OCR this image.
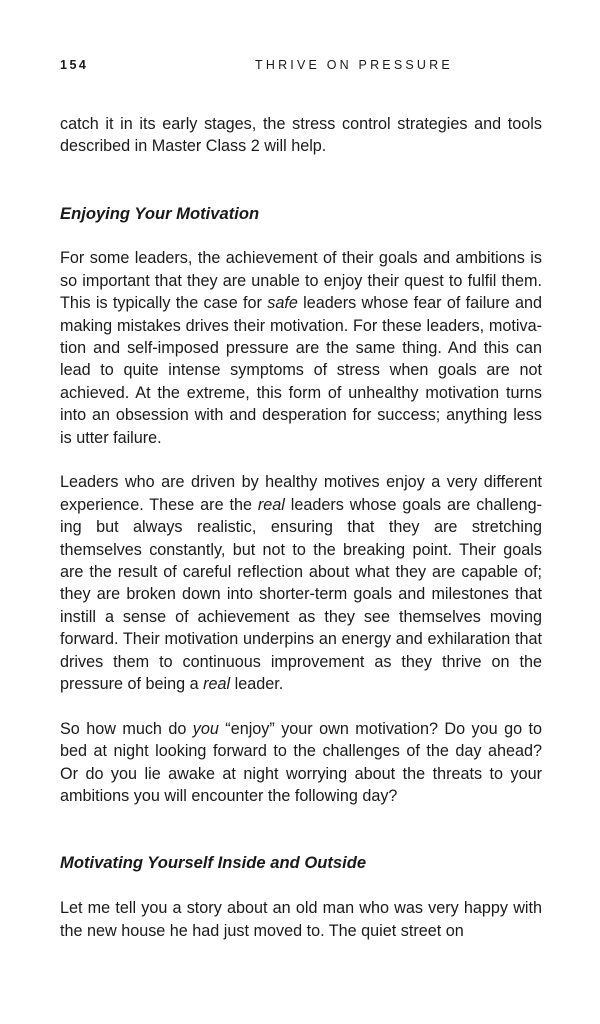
154	THRIVE ON PRESSURE

catch it in its early stages, the stress control strategies and tools described in Master Class 2 will help.

Enjoying Your Motivation

For some leaders, the achievement of their goals and ambitions is so important that they are unable to enjoy their quest to fulfil them. This is typically the case for safe leaders whose fear of failure and making mistakes drives their motivation. For these leaders, motivation and self-imposed pressure are the same thing. And this can lead to quite intense symptoms of stress when goals are not achieved. At the extreme, this form of unhealthy motivation turns into an obsession with and desperation for success; anything less is utter failure.

Leaders who are driven by healthy motives enjoy a very different experience. These are the real leaders whose goals are challenging but always realistic, ensuring that they are stretching themselves constantly, but not to the breaking point. Their goals are the result of careful reflection about what they are capable of; they are broken down into shorter-term goals and milestones that instill a sense of achievement as they see themselves moving forward. Their motivation underpins an energy and exhilaration that drives them to continuous improvement as they thrive on the pressure of being a real leader.

So how much do you “enjoy” your own motivation? Do you go to bed at night looking forward to the challenges of the day ahead? Or do you lie awake at night worrying about the threats to your ambitions you will encounter the following day?

Motivating Yourself Inside and Outside

Let me tell you a story about an old man who was very happy with the new house he had just moved to. The quiet street on
